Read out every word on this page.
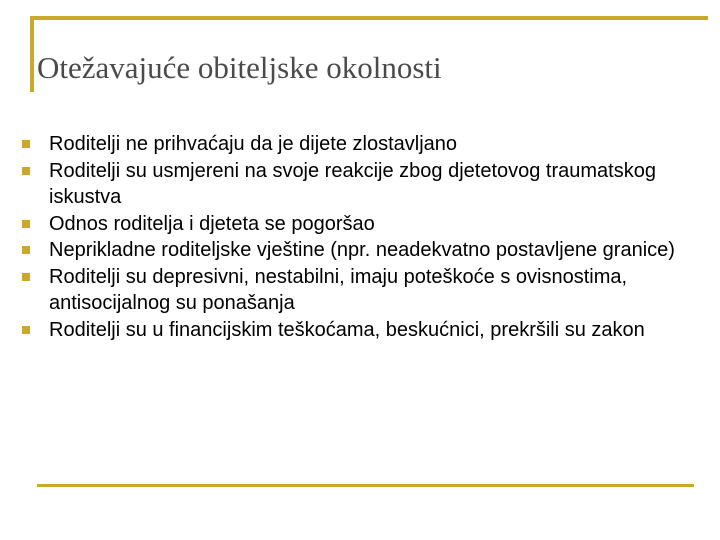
Otežavajuće obiteljske okolnosti
Roditelji ne prihvaćaju da je dijete zlostavljano
Roditelji su usmjereni na svoje reakcije zbog djetetovog traumatskog iskustva
Odnos roditelja i djeteta se pogoršao
Neprikladne roditeljske vještine (npr. neadekvatno postavljene granice)
Roditelji su depresivni, nestabilni, imaju poteškoće s ovisnostima, antisocijalnog su ponašanja
Roditelji su u financijskim teškoćama, beskućnici, prekršili su zakon
